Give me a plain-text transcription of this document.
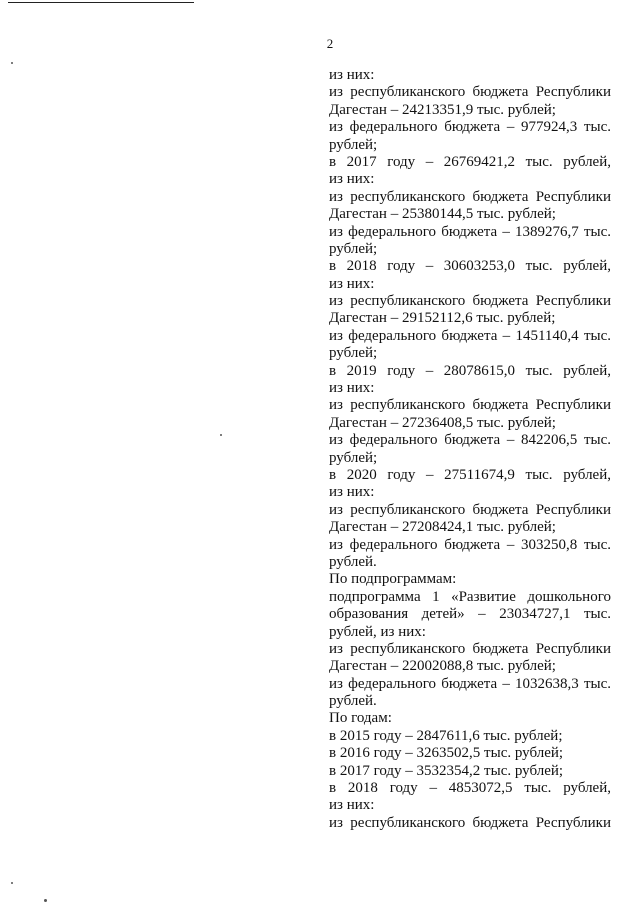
2
из них:
из республиканского бюджета Республики
Дагестан – 24213351,9 тыс. рублей;
из федерального бюджета – 977924,3 тыс.
рублей;
в 2017 году – 26769421,2 тыс. рублей,
из них:
из республиканского бюджета Республики
Дагестан – 25380144,5 тыс. рублей;
из федерального бюджета – 1389276,7 тыс.
рублей;
в 2018 году – 30603253,0 тыс. рублей,
из них:
из республиканского бюджета Республики
Дагестан – 29152112,6 тыс. рублей;
из федерального бюджета – 1451140,4 тыс.
рублей;
в 2019 году – 28078615,0 тыс. рублей,
из них:
из республиканского бюджета Республики
Дагестан – 27236408,5 тыс. рублей;
из федерального бюджета – 842206,5 тыс.
рублей;
в 2020 году – 27511674,9 тыс. рублей,
из них:
из республиканского бюджета Республики
Дагестан – 27208424,1 тыс. рублей;
из федерального бюджета – 303250,8 тыс.
рублей.
По подпрограммам:
подпрограмма 1 «Развитие дошкольного
образования детей» – 23034727,1 тыс.
рублей, из них:
из республиканского бюджета Республики
Дагестан – 22002088,8 тыс. рублей;
из федерального бюджета – 1032638,3 тыс.
рублей.
По годам:
в 2015 году – 2847611,6 тыс. рублей;
в 2016 году – 3263502,5 тыс. рублей;
в 2017 году – 3532354,2 тыс. рублей;
в 2018 году – 4853072,5 тыс. рублей,
из них:
из республиканского бюджета Республики
